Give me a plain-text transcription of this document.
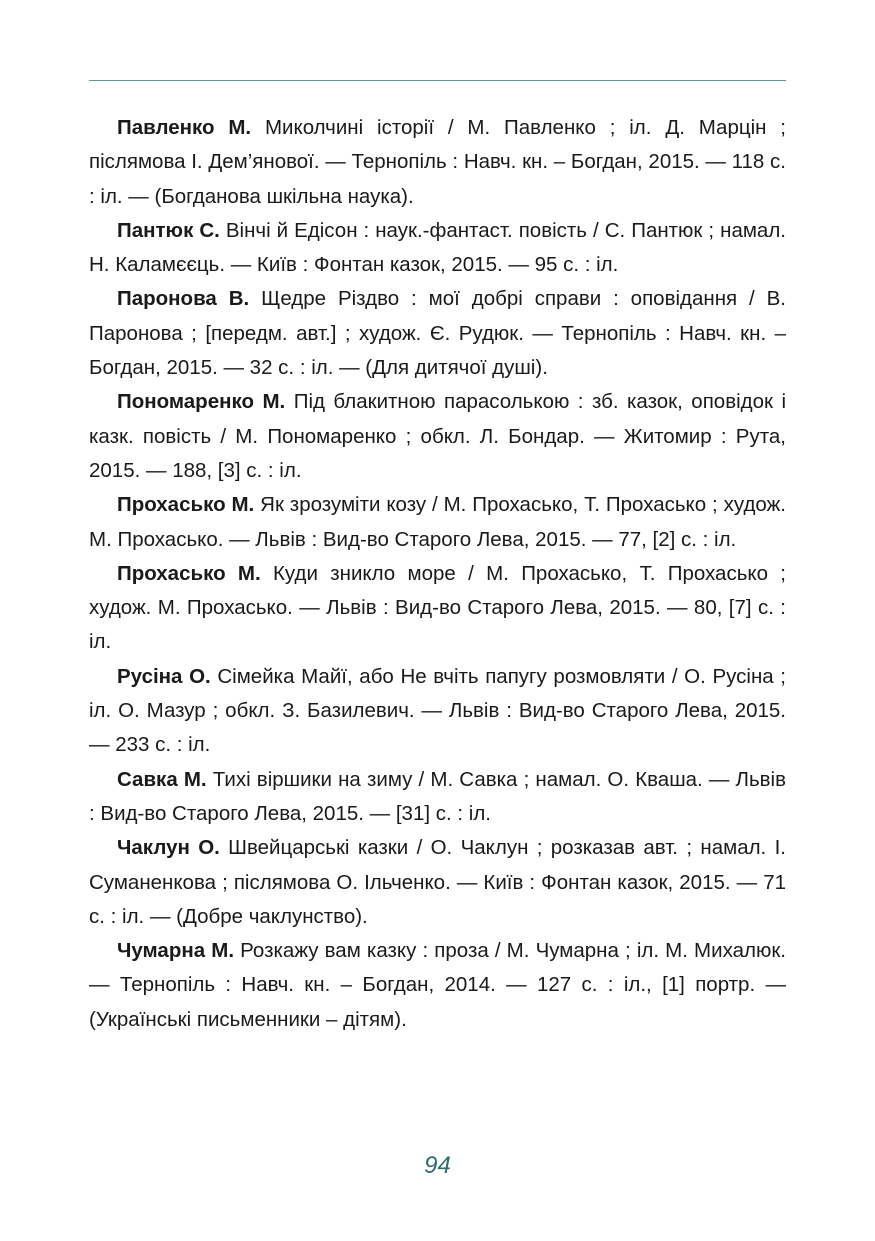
Павленко М. Миколчині історії / М. Павленко ; іл. Д. Марцін ; післямова І. Дем’янової. — Тернопіль : Навч. кн. – Богдан, 2015. — 118 с. : іл. — (Богданова шкільна наука).

Пантюк С. Вінчі й Едісон : наук.-фантаст. повість / С. Пантюк ; намал. Н. Каламєєць. — Київ : Фонтан казок, 2015. — 95 с. : іл.

Паронова В. Щедре Різдво : мої добрі справи : оповідання / В. Паронова ; [передм. авт.] ; худож. Є. Рудюк. — Тернопіль : Навч. кн. – Богдан, 2015. — 32 с. : іл. — (Для дитячої душі).

Пономаренко М. Під блакитною парасолькою : зб. казок, оповідок і казк. повість / М. Пономаренко ; обкл. Л. Бондар. — Житомир : Рута, 2015. — 188, [3] с. : іл.

Прохасько М. Як зрозуміти козу / М. Прохасько, Т. Прохасько ; худож. М. Прохасько. — Львів : Вид-во Старого Лева, 2015. — 77, [2] с. : іл.

Прохасько М. Куди зникло море / М. Прохасько, Т. Прохасько ; худож. М. Прохасько. — Львів : Вид-во Старого Лева, 2015. — 80, [7] с. : іл.

Русіна О. Сімейка Майї, або Не вчіть папугу розмовляти / О. Русіна ; іл. О. Мазур ; обкл. З. Базилевич. — Львів : Вид-во Старого Лева, 2015. — 233 с. : іл.

Савка М. Тихі віршики на зиму / М. Савка ; намал. О. Кваша. — Львів : Вид-во Старого Лева, 2015. — [31] с. : іл.

Чаклун О. Швейцарські казки / О. Чаклун ; розказав авт. ; намал. І. Суманенкова ; післямова О. Ільченко. — Київ : Фонтан казок, 2015. — 71 с. : іл. — (Добре чаклунство).

Чумарна М. Розкажу вам казку : проза / М. Чумарна ; іл. М. Михалюк. — Тернопіль : Навч. кн. – Богдан, 2014. — 127 с. : іл., [1] портр. — (Українські письменники – дітям).

94
